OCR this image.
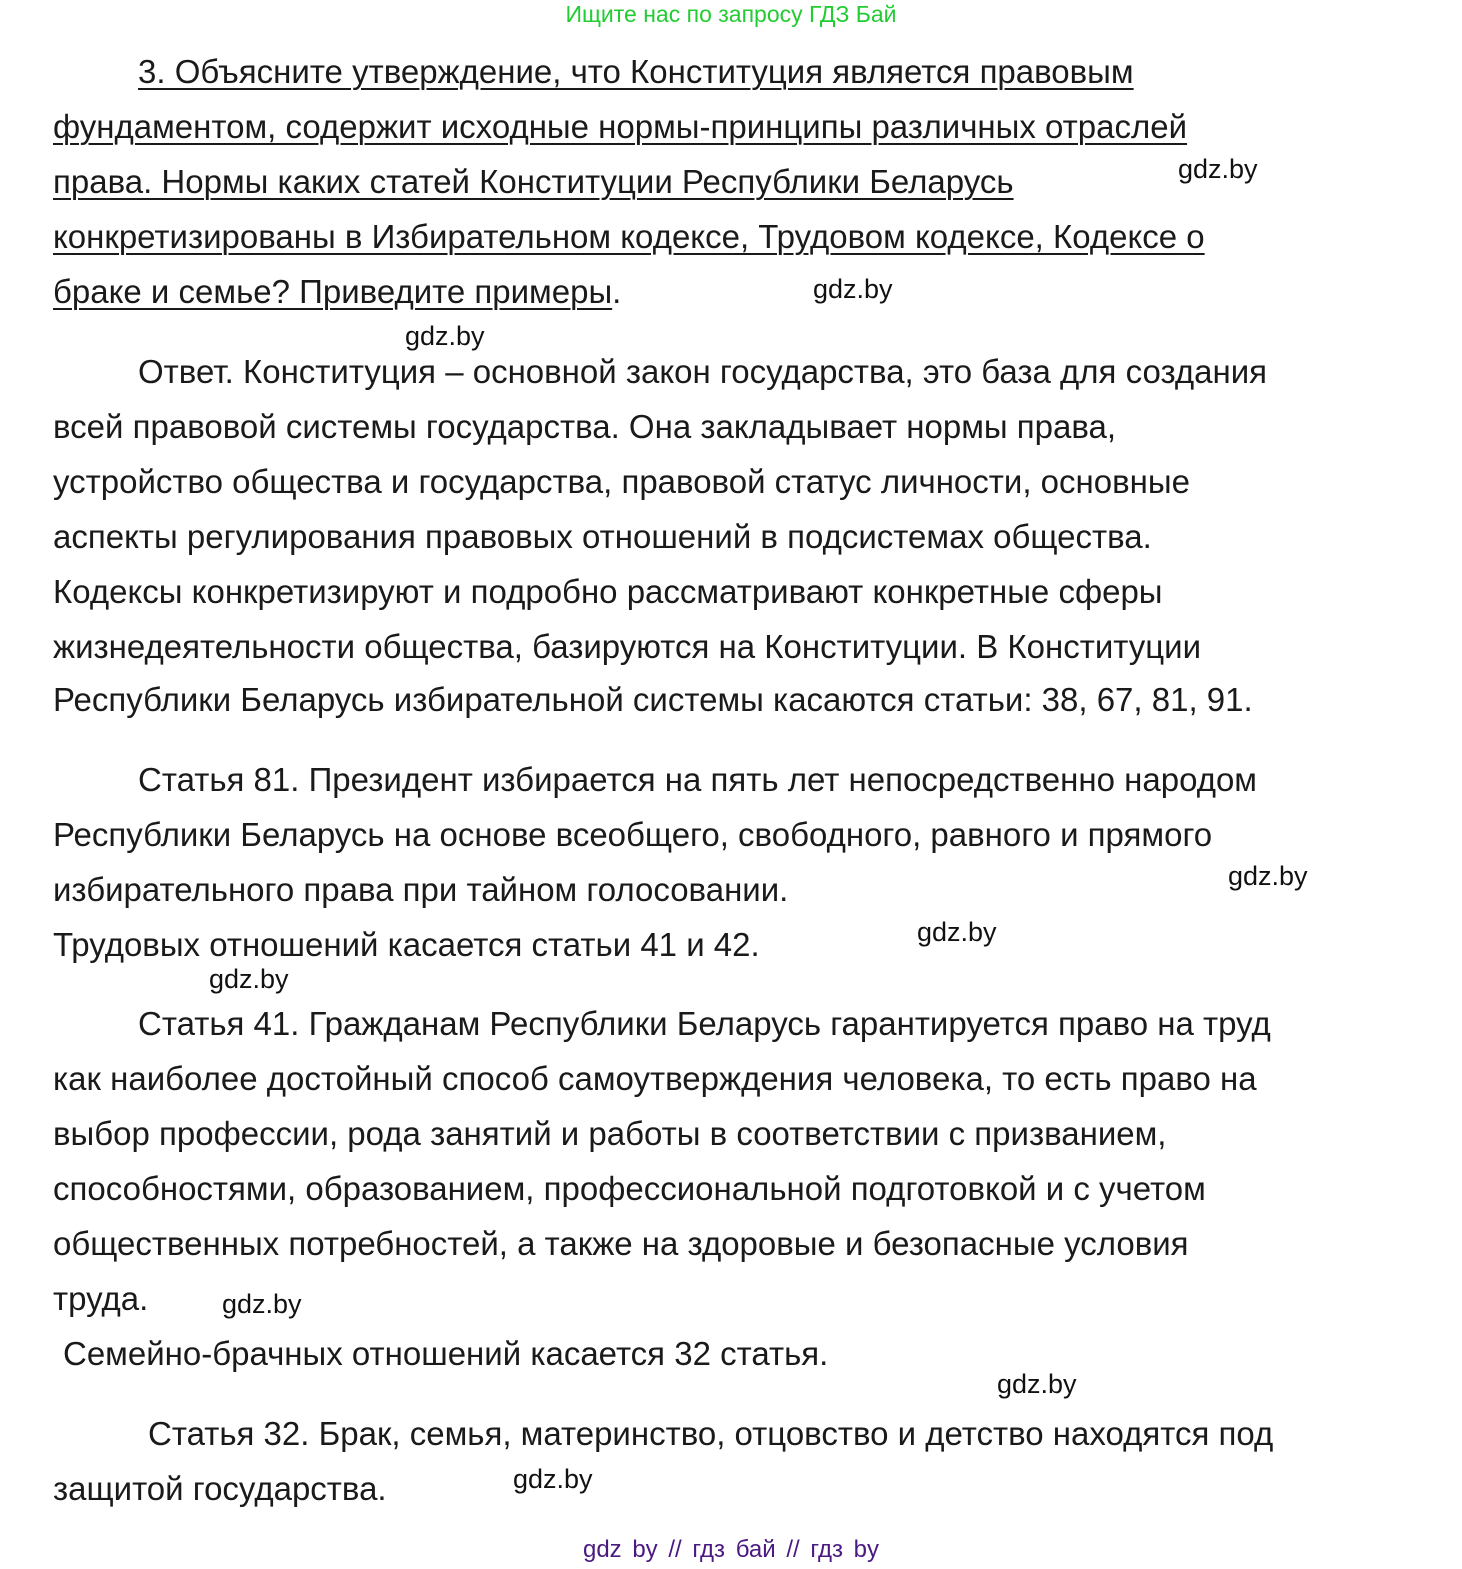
Ищите нас по запросу ГДЗ Бай
3. Объясните утверждение, что Конституция является правовым
фундаментом, содержит исходные нормы-принципы различных отраслей
права. Нормы каких статей Конституции Республики Беларусь
конкретизированы в Избирательном кодексе, Трудовом кодексе, Кодексе о
браке и семье? Приведите примеры.
Ответ. Конституция – основной закон государства, это база для создания
всей правовой системы государства. Она закладывает нормы права,
устройство общества и государства, правовой статус личности, основные
аспекты регулирования правовых отношений в подсистемах общества.
Кодексы конкретизируют и подробно рассматривают конкретные сферы
жизнедеятельности общества, базируются на Конституции. В Конституции
Республики Беларусь избирательной системы касаются статьи: 38, 67, 81, 91.
Статья 81. Президент избирается на пять лет непосредственно народом
Республики Беларусь на основе всеобщего, свободного, равного и прямого
избирательного права при тайном голосовании.
Трудовых отношений касается статьи 41 и 42.
Статья 41. Гражданам Республики Беларусь гарантируется право на труд
как наиболее достойный способ самоутверждения человека, то есть право на
выбор профессии, рода занятий и работы в соответствии с призванием,
способностями, образованием, профессиональной подготовкой и с учетом
общественных потребностей, а также на здоровые и безопасные условия
труда.
Семейно-брачных отношений касается 32 статья.
Статья 32. Брак, семья, материнство, отцовство и детство находятся под
защитой государства.
gdz.by
gdz.by
gdz.by
gdz.by
gdz.by
gdz.by
gdz.by
gdz.by
gdz.by
gdz by // гдз бай // гдз by
